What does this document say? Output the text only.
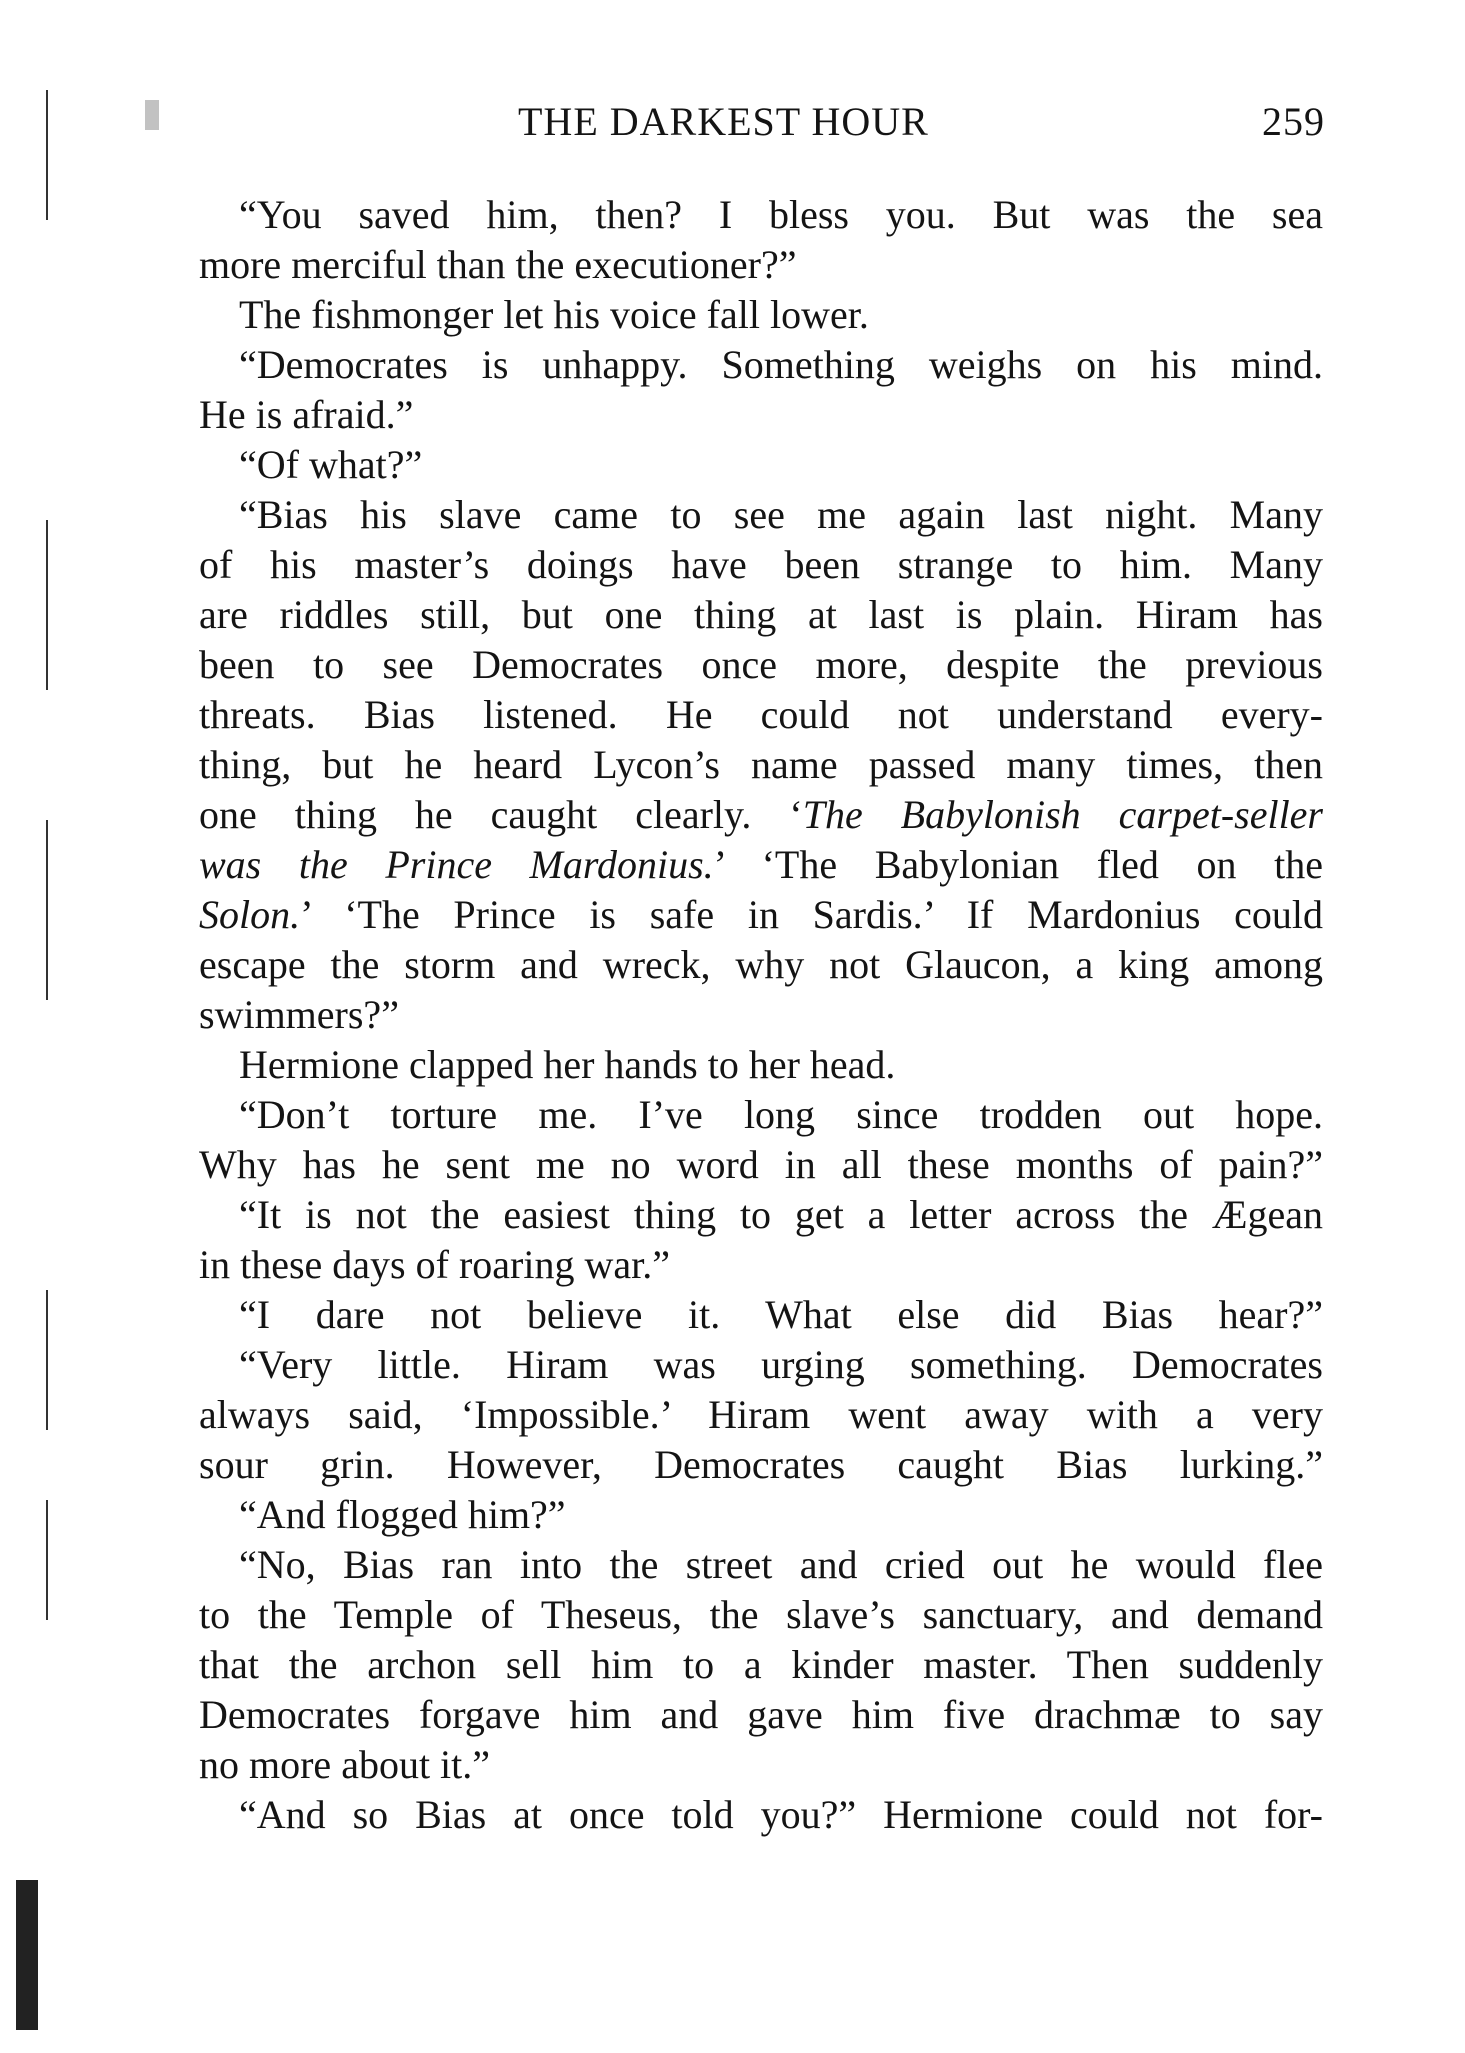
THE DARKEST HOUR	259
“You saved him, then? I bless you. But was the sea
more merciful than the executioner?”
The fishmonger let his voice fall lower.
“Democrates is unhappy. Something weighs on his mind.
He is afraid.”
“Of what?”
“Bias his slave came to see me again last night. Many
of his master’s doings have been strange to him. Many
are riddles still, but one thing at last is plain. Hiram has
been to see Democrates once more, despite the previous
threats. Bias listened. He could not understand every-
thing, but he heard Lycon’s name passed many times, then
one thing he caught clearly. ‘The Babylonish carpet-seller
was the Prince Mardonius.’ ‘The Babylonian fled on the
Solon.’ ‘The Prince is safe in Sardis.’ If Mardonius could
escape the storm and wreck, why not Glaucon, a king among
swimmers?”
Hermione clapped her hands to her head.
“Don’t torture me. I’ve long since trodden out hope.
Why has he sent me no word in all these months of pain?”
“It is not the easiest thing to get a letter across the Ægean
in these days of roaring war.”
“I dare not believe it. What else did Bias hear?”
“Very little. Hiram was urging something. Democrates
always said, ‘Impossible.’ Hiram went away with a very
sour grin. However, Democrates caught Bias lurking.”
“And flogged him?”
“No, Bias ran into the street and cried out he would flee
to the Temple of Theseus, the slave’s sanctuary, and demand
that the archon sell him to a kinder master. Then suddenly
Democrates forgave him and gave him five drachmæ to say
no more about it.”
“And so Bias at once told you?” Hermione could not for-
